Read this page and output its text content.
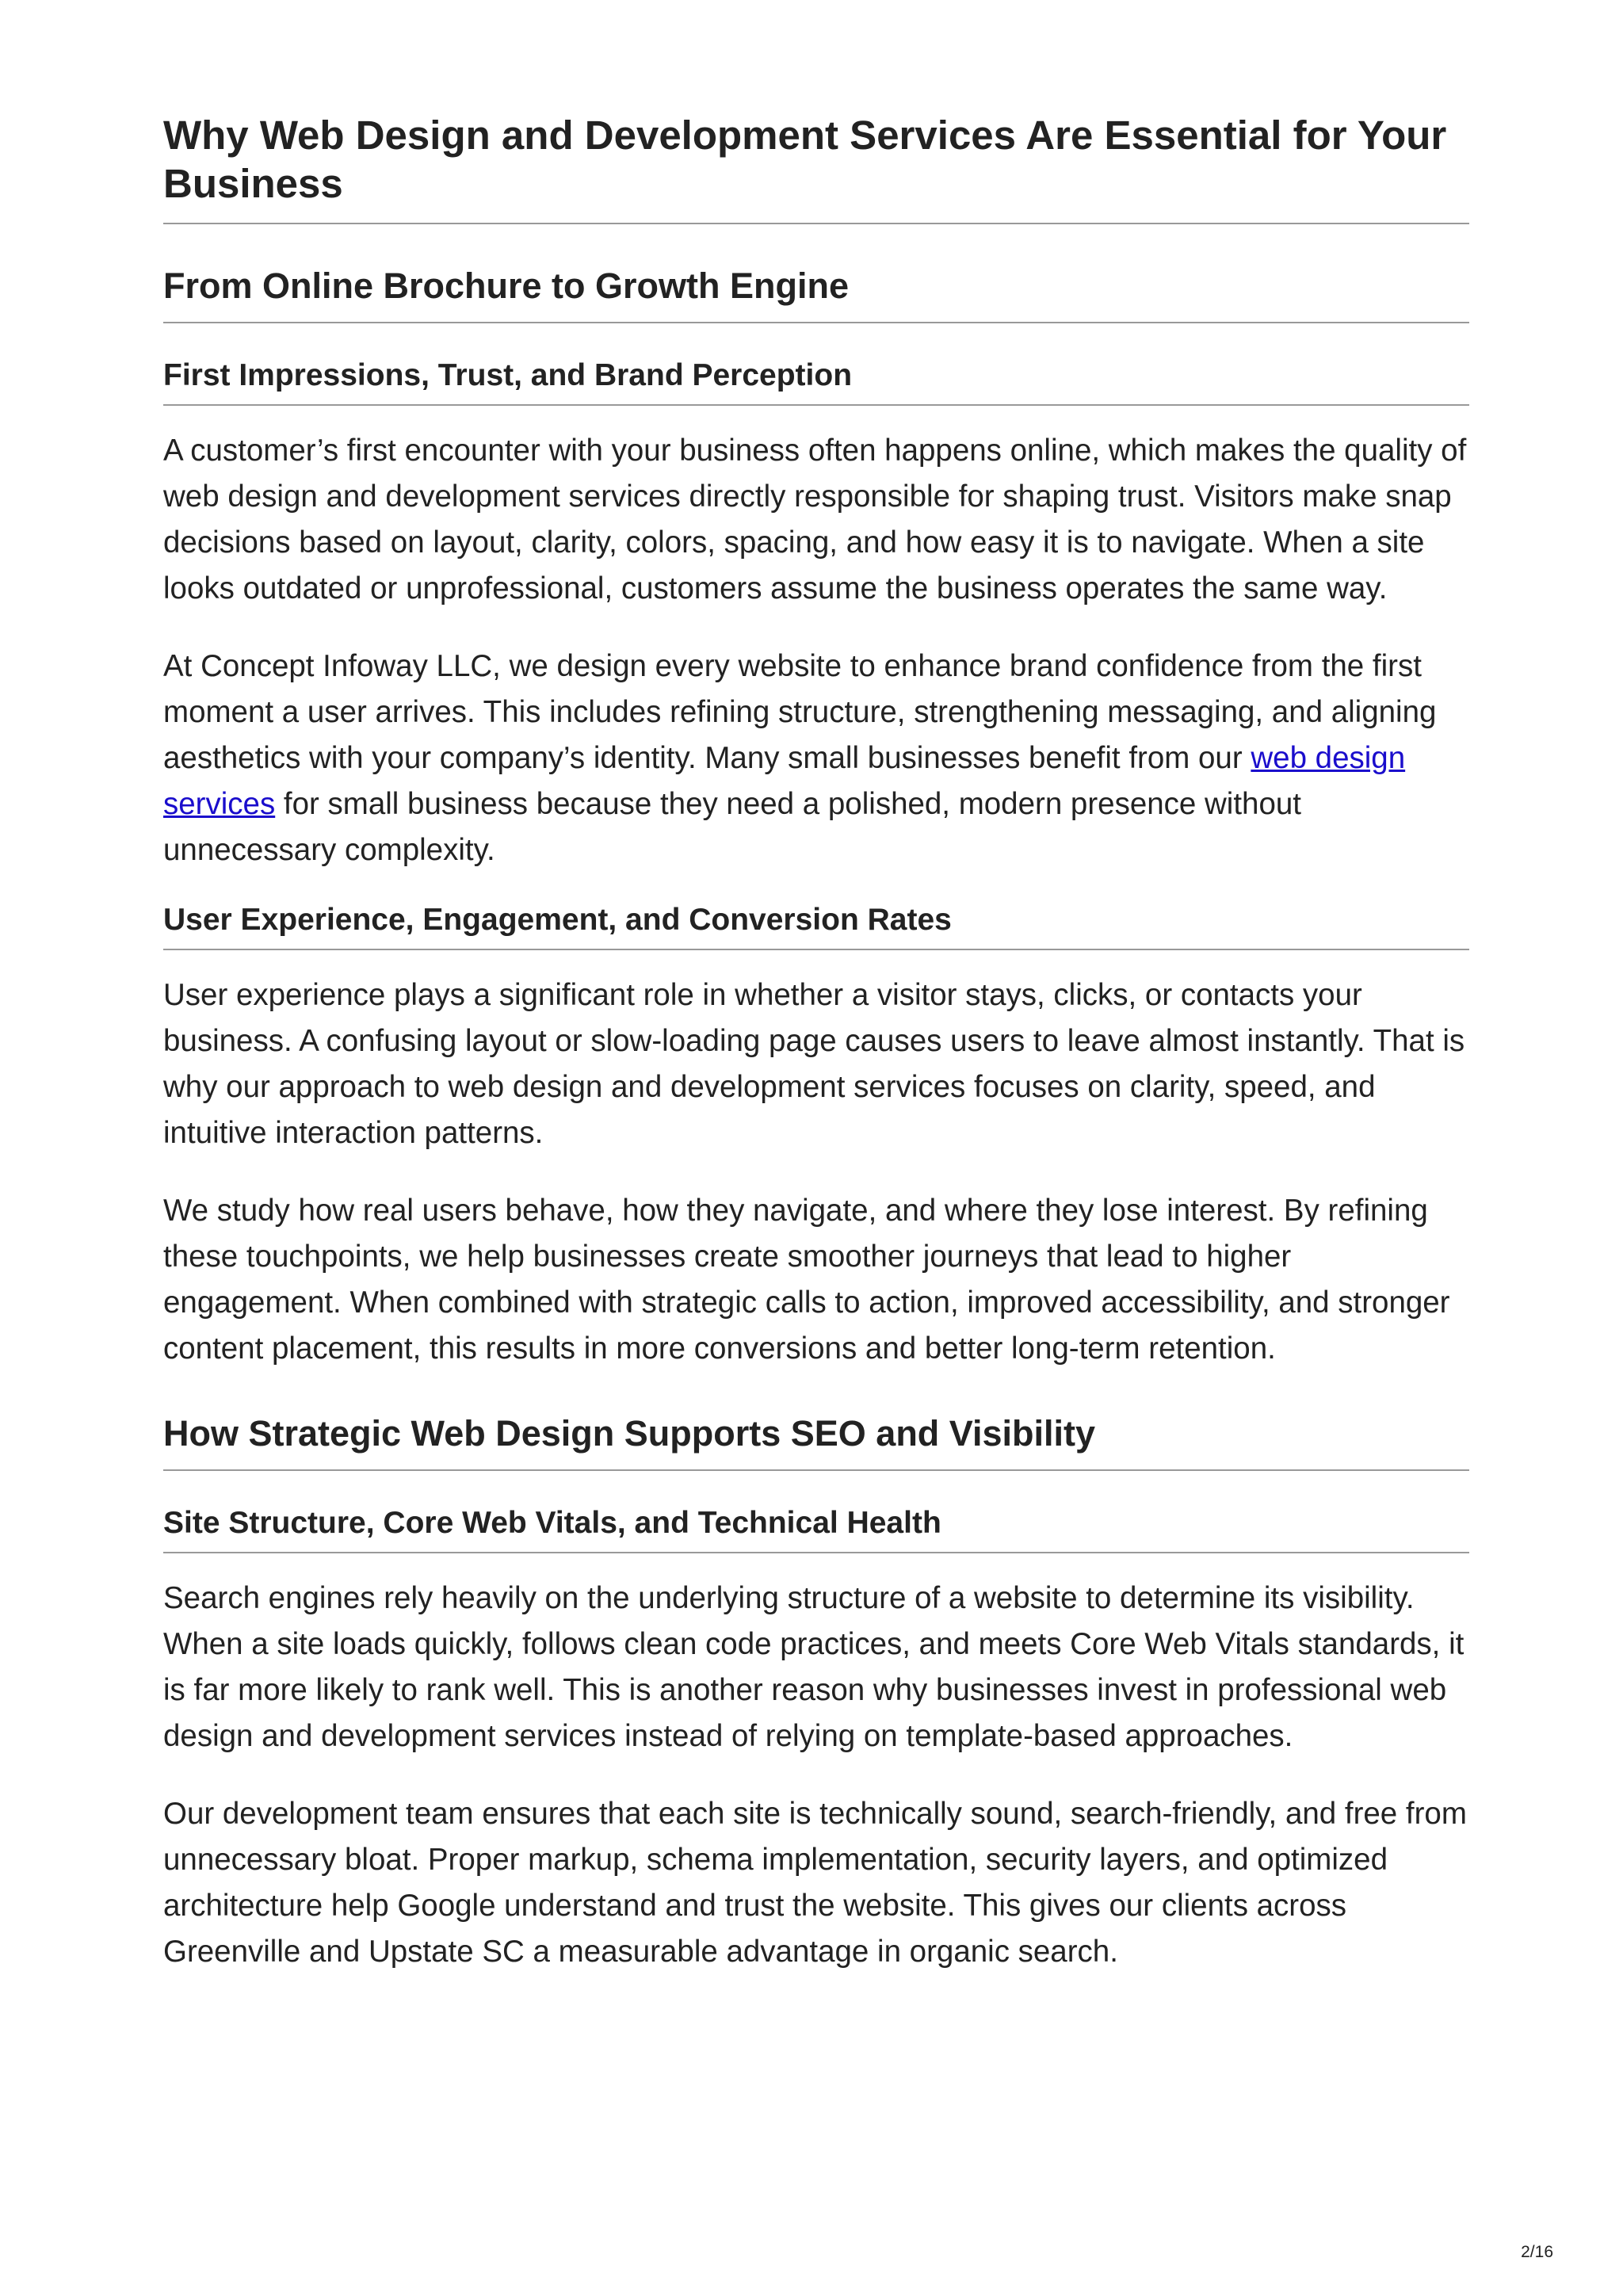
Why Web Design and Development Services Are Essential for Your Business
From Online Brochure to Growth Engine
First Impressions, Trust, and Brand Perception

A customer’s first encounter with your business often happens online, which makes the quality of web design and development services directly responsible for shaping trust. Visitors make snap decisions based on layout, clarity, colors, spacing, and how easy it is to navigate. When a site looks outdated or unprofessional, customers assume the business operates the same way.

At Concept Infoway LLC, we design every website to enhance brand confidence from the first moment a user arrives. This includes refining structure, strengthening messaging, and aligning aesthetics with your company’s identity. Many small businesses benefit from our web design services for small business because they need a polished, modern presence without unnecessary complexity.

User Experience, Engagement, and Conversion Rates

User experience plays a significant role in whether a visitor stays, clicks, or contacts your business. A confusing layout or slow-loading page causes users to leave almost instantly. That is why our approach to web design and development services focuses on clarity, speed, and intuitive interaction patterns.

We study how real users behave, how they navigate, and where they lose interest. By refining these touchpoints, we help businesses create smoother journeys that lead to higher engagement. When combined with strategic calls to action, improved accessibility, and stronger content placement, this results in more conversions and better long-term retention.

How Strategic Web Design Supports SEO and Visibility
Site Structure, Core Web Vitals, and Technical Health

Search engines rely heavily on the underlying structure of a website to determine its visibility. When a site loads quickly, follows clean code practices, and meets Core Web Vitals standards, it is far more likely to rank well. This is another reason why businesses invest in professional web design and development services instead of relying on template-based approaches.

Our development team ensures that each site is technically sound, search-friendly, and free from unnecessary bloat. Proper markup, schema implementation, security layers, and optimized architecture help Google understand and trust the website. This gives our clients across Greenville and Upstate SC a measurable advantage in organic search.

2/16
